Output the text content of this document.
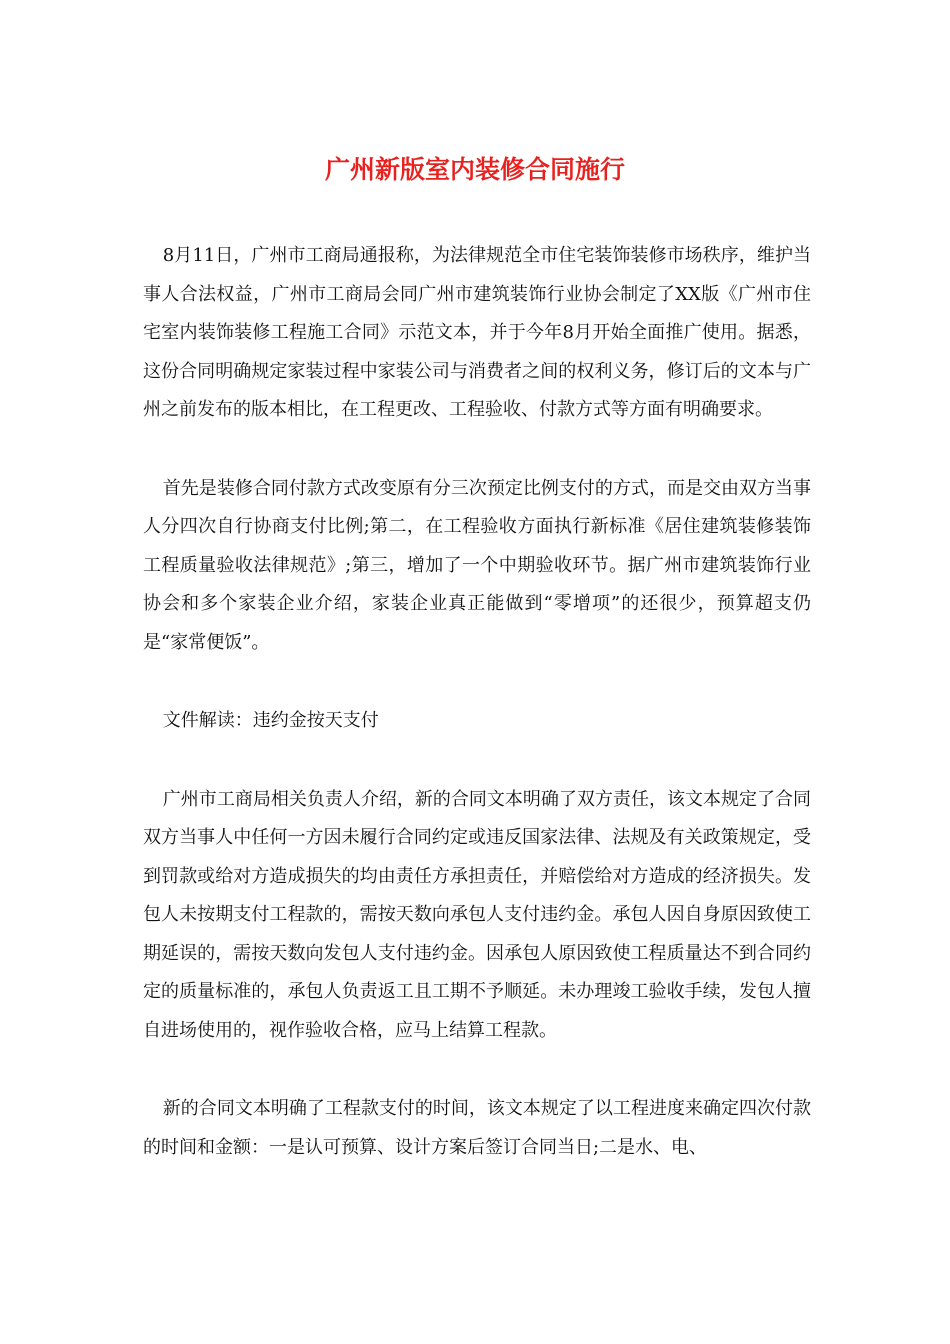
广州新版室内装修合同施行

8月11日，广州市工商局通报称，为法律规范全市住宅装饰装修市场秩序，维护当事人合法权益，广州市工商局会同广州市建筑装饰行业协会制定了XX版《广州市住宅室内装饰装修工程施工合同》示范文本，并于今年8月开始全面推广使用。据悉，这份合同明确规定家装过程中家装公司与消费者之间的权利义务，修订后的文本与广州之前发布的版本相比，在工程更改、工程验收、付款方式等方面有明确要求。

首先是装修合同付款方式改变原有分三次预定比例支付的方式，而是交由双方当事人分四次自行协商支付比例;第二，在工程验收方面执行新标准《居住建筑装修装饰工程质量验收法律规范》;第三，增加了一个中期验收环节。据广州市建筑装饰行业协会和多个家装企业介绍，家装企业真正能做到“零增项”的还很少，预算超支仍是“家常便饭”。

文件解读：违约金按天支付

广州市工商局相关负责人介绍，新的合同文本明确了双方责任，该文本规定了合同双方当事人中任何一方因未履行合同约定或违反国家法律、法规及有关政策规定，受到罚款或给对方造成损失的均由责任方承担责任，并赔偿给对方造成的经济损失。发包人未按期支付工程款的，需按天数向承包人支付违约金。承包人因自身原因致使工期延误的，需按天数向发包人支付违约金。因承包人原因致使工程质量达不到合同约定的质量标准的，承包人负责返工且工期不予顺延。未办理竣工验收手续，发包人擅自进场使用的，视作验收合格，应马上结算工程款。

新的合同文本明确了工程款支付的时间，该文本规定了以工程进度来确定四次付款的时间和金额：一是认可预算、设计方案后签订合同当日;二是水、电、
